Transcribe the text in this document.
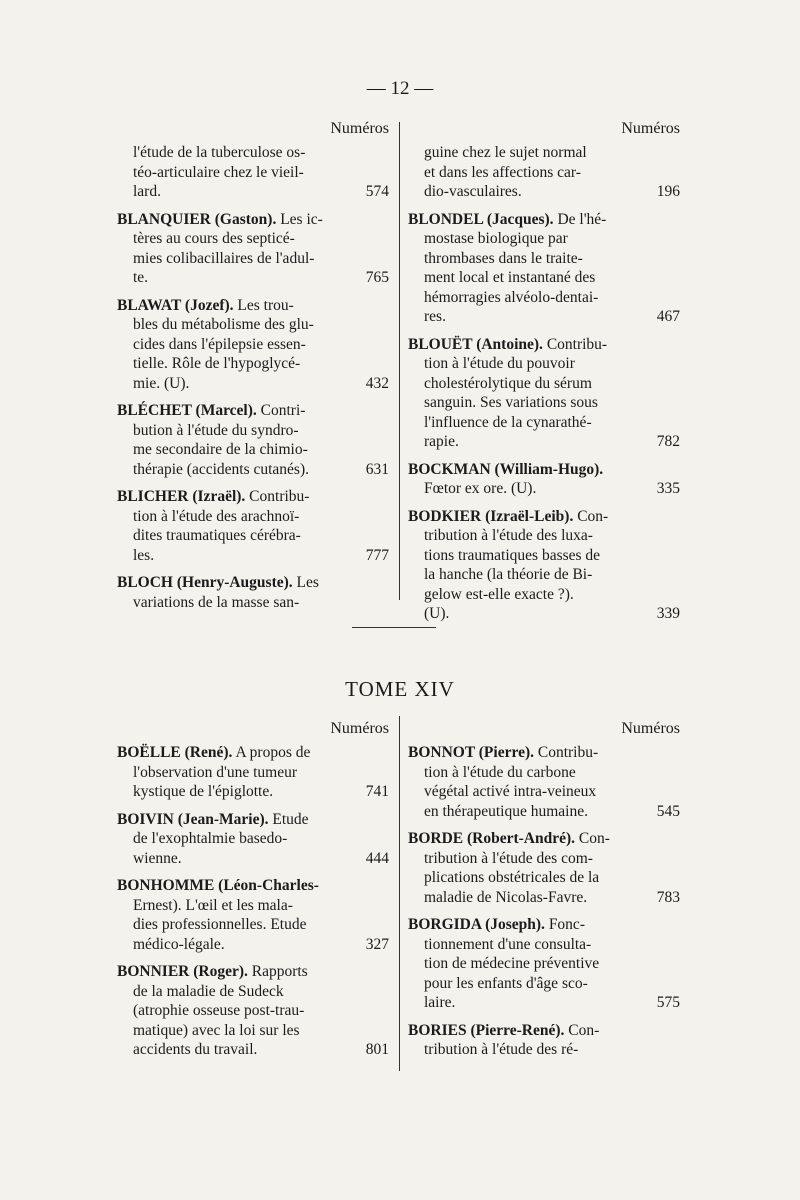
— 12 —
TOME XIV
Numéros
l'étude de la tuberculose os-
téo-articulaire chez le vieil-
lard.	574
BLANQUIER (Gaston). Les ic-
tères au cours des septicé-
mies colibacillaires de l'adul-
te.	765
BLAWAT (Jozef). Les trou-
bles du métabolisme des glu-
cides dans l'épilepsie essen-
tielle. Rôle de l'hypoglycé-
mie. (U).	432
BLÉCHET (Marcel). Contri-
bution à l'étude du syndro-
me secondaire de la chimio-
thérapie (accidents cutanés).	631
BLICHER (Izraël). Contribu-
tion à l'étude des arachnoï-
dites traumatiques cérébra-
les.	777
BLOCH (Henry-Auguste). Les
variations de la masse san-
Numéros
guine chez le sujet normal
et dans les affections car-
dio-vasculaires.	196
BLONDEL (Jacques). De l'hé-
mostase biologique par
thrombases dans le traite-
ment local et instantané des
hémorragies alvéolo-dentai-
res.	467
BLOUËT (Antoine). Contribu-
tion à l'étude du pouvoir
cholestérolytique du sérum
sanguin. Ses variations sous
l'influence de la cynarathé-
rapie.	782
BOCKMAN (William-Hugo).
Fœtor ex ore. (U).	335
BODKIER (Izraël-Leib). Con-
tribution à l'étude des luxa-
tions traumatiques basses de
la hanche (la théorie de Bi-
gelow est-elle exacte ?).
(U).	339
Numéros
BOËLLE (René). A propos de
l'observation d'une tumeur
kystique de l'épiglotte.	741
BOIVIN (Jean-Marie). Etude
de l'exophtalmie basedo-
wienne.	444
BONHOMME (Léon-Charles-
Ernest). L'œil et les mala-
dies professionnelles. Etude
médico-légale.	327
BONNIER (Roger). Rapports
de la maladie de Sudeck
(atrophie osseuse post-trau-
matique) avec la loi sur les
accidents du travail.	801
Numéros
BONNOT (Pierre). Contribu-
tion à l'étude du carbone
végétal activé intra-veineux
en thérapeutique humaine.	545
BORDE (Robert-André). Con-
tribution à l'étude des com-
plications obstétricales de la
maladie de Nicolas-Favre.	783
BORGIDA (Joseph). Fonc-
tionnement d'une consulta-
tion de médecine préventive
pour les enfants d'âge sco-
laire.	575
BORIES (Pierre-René). Con-
tribution à l'étude des ré-
